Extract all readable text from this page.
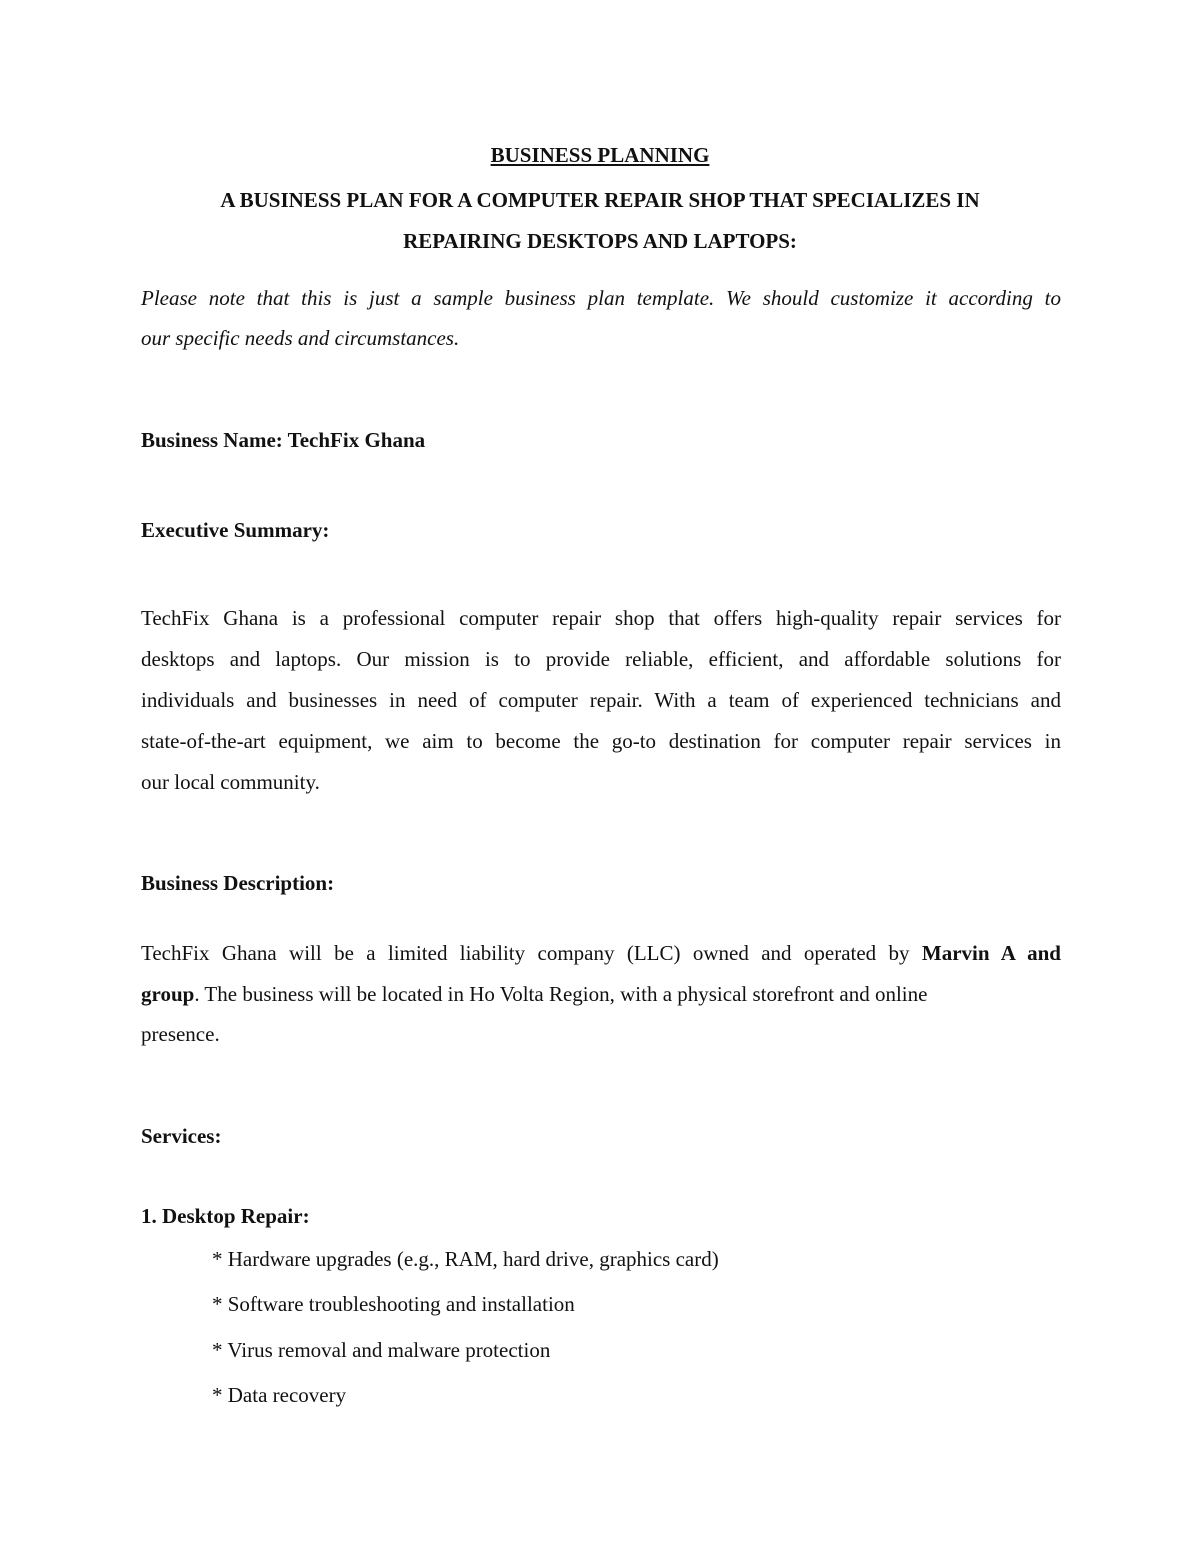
BUSINESS PLANNING
A BUSINESS PLAN FOR A COMPUTER REPAIR SHOP THAT SPECIALIZES IN
REPAIRING DESKTOPS AND LAPTOPS:
Please note that this is just a sample business plan template. We should customize it according to
our specific needs and circumstances.
Business Name: TechFix Ghana
Executive Summary:
TechFix Ghana is a professional computer repair shop that offers high-quality repair services for
desktops and laptops. Our mission is to provide reliable, efficient, and affordable solutions for
individuals and businesses in need of computer repair. With a team of experienced technicians and
state-of-the-art equipment, we aim to become the go-to destination for computer repair services in
our local community.
Business Description:
TechFix Ghana will be a limited liability company (LLC) owned and operated by Marvin A and
group. The business will be located in Ho Volta Region, with a physical storefront and online
presence.
Services:
1. Desktop Repair:
* Hardware upgrades (e.g., RAM, hard drive, graphics card)
* Software troubleshooting and installation
* Virus removal and malware protection
* Data recovery
